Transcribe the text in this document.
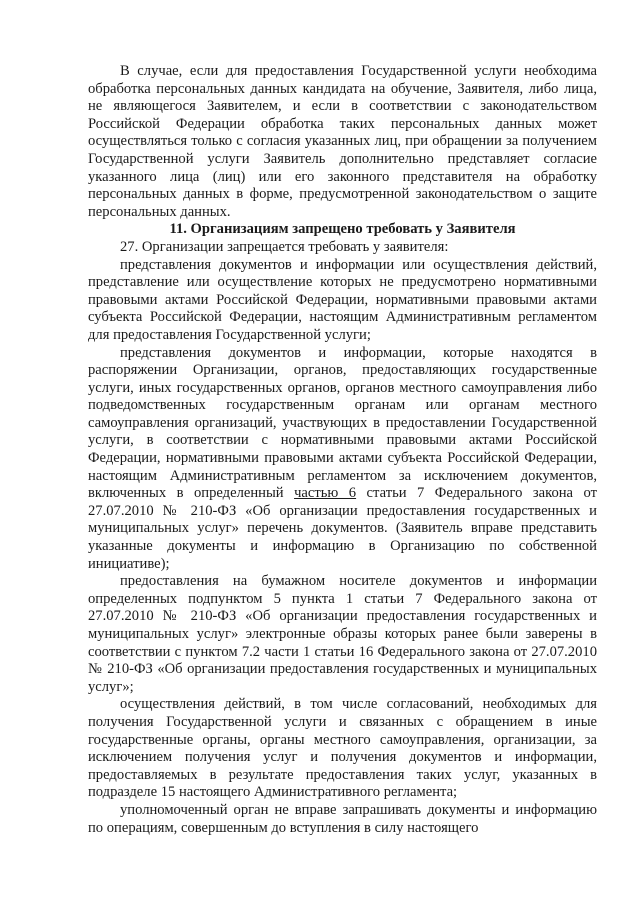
В случае, если для предоставления Государственной услуги необходима обработка персональных данных кандидата на обучение, Заявителя, либо лица, не являющегося Заявителем, и если в соответствии с законодательством Российской Федерации обработка таких персональных данных может осуществляться только с согласия указанных лиц, при обращении за получением Государственной услуги Заявитель дополнительно представляет согласие указанного лица (лиц) или его законного представителя на обработку персональных данных в форме, предусмотренной законодательством о защите персональных данных.

11. Организациям запрещено требовать у Заявителя

27. Организации запрещается требовать у заявителя:

представления документов и информации или осуществления действий, представление или осуществление которых не предусмотрено нормативными правовыми актами Российской Федерации, нормативными правовыми актами субъекта Российской Федерации, настоящим Административным регламентом для предоставления Государственной услуги;

представления документов и информации, которые находятся в распоряжении Организации, органов, предоставляющих государственные услуги, иных государственных органов, органов местного самоуправления либо подведомственных государственным органам или органам местного самоуправления организаций, участвующих в предоставлении Государственной услуги, в соответствии с нормативными правовыми актами Российской Федерации, нормативными правовыми актами субъекта Российской Федерации, настоящим Административным регламентом за исключением документов, включенных в определенный частью 6 статьи 7 Федерального закона от 27.07.2010 № 210-ФЗ «Об организации предоставления государственных и муниципальных услуг» перечень документов. (Заявитель вправе представить указанные документы и информацию в Организацию по собственной инициативе);

предоставления на бумажном носителе документов и информации определенных подпунктом 5 пункта 1 статьи 7 Федерального закона от 27.07.2010 № 210-ФЗ «Об организации предоставления государственных и муниципальных услуг» электронные образы которых ранее были заверены в соответствии с пунктом 7.2 части 1 статьи 16 Федерального закона от 27.07.2010 № 210-ФЗ «Об организации предоставления государственных и муниципальных услуг»;

осуществления действий, в том числе согласований, необходимых для получения Государственной услуги и связанных с обращением в иные государственные органы, органы местного самоуправления, организации, за исключением получения услуг и получения документов и информации, предоставляемых в результате предоставления таких услуг, указанных в подразделе 15 настоящего Административного регламента;

уполномоченный орган не вправе запрашивать документы и информацию по операциям, совершенным до вступления в силу настоящего
